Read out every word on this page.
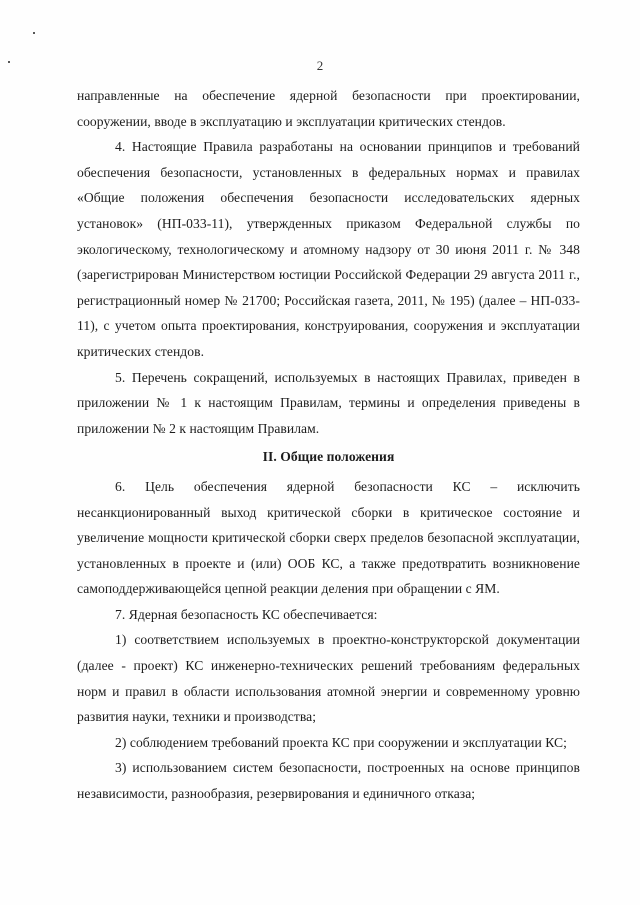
2

направленные на обеспечение ядерной безопасности при проектировании, сооружении, вводе в эксплуатацию и эксплуатации критических стендов.

4. Настоящие Правила разработаны на основании принципов и требований обеспечения безопасности, установленных в федеральных нормах и правилах «Общие положения обеспечения безопасности исследовательских ядерных установок» (НП-033-11), утвержденных приказом Федеральной службы по экологическому, технологическому и атомному надзору от 30 июня 2011 г. № 348 (зарегистрирован Министерством юстиции Российской Федерации 29 августа 2011 г., регистрационный номер № 21700; Российская газета, 2011, № 195) (далее – НП-033-11), с учетом опыта проектирования, конструирования, сооружения и эксплуатации критических стендов.

5. Перечень сокращений, используемых в настоящих Правилах, приведен в приложении № 1 к настоящим Правилам, термины и определения приведены в приложении № 2 к настоящим Правилам.

II. Общие положения

6. Цель обеспечения ядерной безопасности КС – исключить несанкционированный выход критической сборки в критическое состояние и увеличение мощности критической сборки сверх пределов безопасной эксплуатации, установленных в проекте и (или) ООБ КС, а также предотвратить возникновение самоподдерживающейся цепной реакции деления при обращении с ЯМ.

7. Ядерная безопасность КС обеспечивается:

1) соответствием используемых в проектно-конструкторской документации (далее - проект) КС инженерно-технических решений требованиям федеральных норм и правил в области использования атомной энергии и современному уровню развития науки, техники и производства;

2) соблюдением требований проекта КС при сооружении и эксплуатации КС;

3) использованием систем безопасности, построенных на основе принципов независимости, разнообразия, резервирования и единичного отказа;
